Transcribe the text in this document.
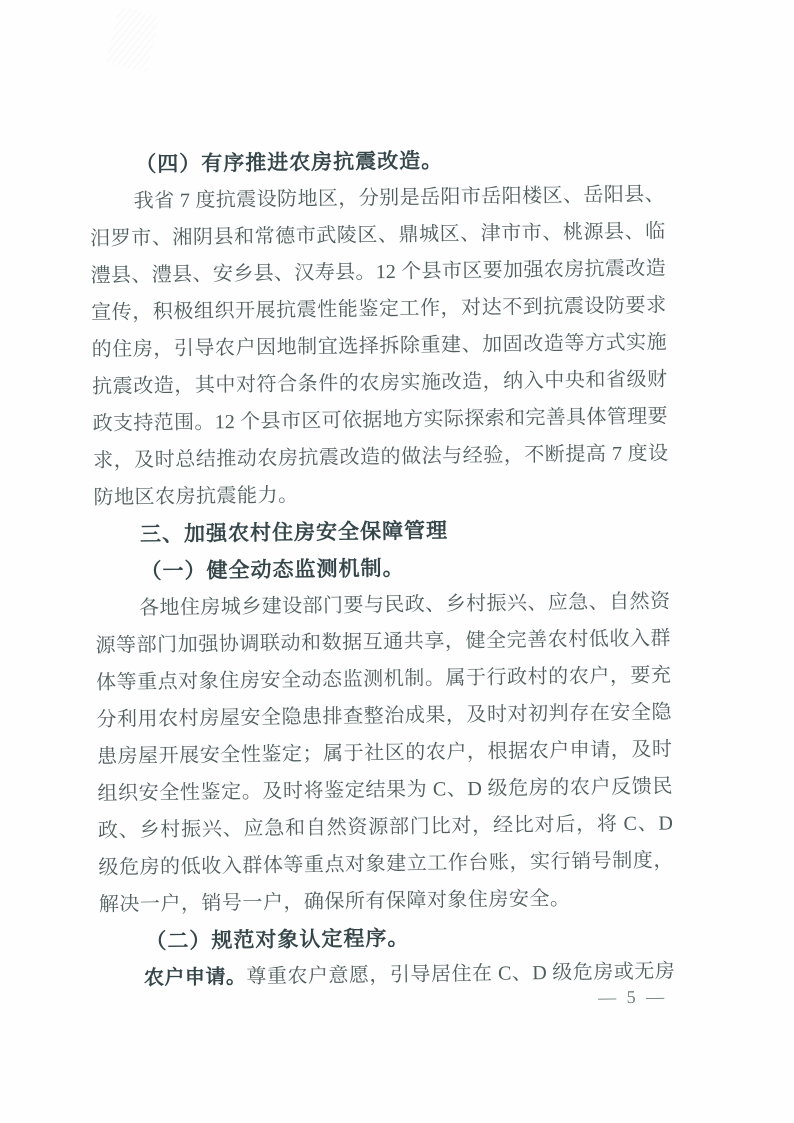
（四）有序推进农房抗震改造。
我省 7 度抗震设防地区，分别是岳阳市岳阳楼区、岳阳县、
汨罗市、湘阴县和常德市武陵区、鼎城区、津市市、桃源县、临
澧县、澧县、安乡县、汉寿县。12 个县市区要加强农房抗震改造
宣传，积极组织开展抗震性能鉴定工作，对达不到抗震设防要求
的住房，引导农户因地制宜选择拆除重建、加固改造等方式实施
抗震改造，其中对符合条件的农房实施改造，纳入中央和省级财
政支持范围。12 个县市区可依据地方实际探索和完善具体管理要
求，及时总结推动农房抗震改造的做法与经验，不断提高 7 度设
防地区农房抗震能力。
三、加强农村住房安全保障管理
（一）健全动态监测机制。
各地住房城乡建设部门要与民政、乡村振兴、应急、自然资
源等部门加强协调联动和数据互通共享，健全完善农村低收入群
体等重点对象住房安全动态监测机制。属于行政村的农户，要充
分利用农村房屋安全隐患排查整治成果，及时对初判存在安全隐
患房屋开展安全性鉴定；属于社区的农户，根据农户申请，及时
组织安全性鉴定。及时将鉴定结果为 C、D 级危房的农户反馈民
政、乡村振兴、应急和自然资源部门比对，经比对后，将 C、D
级危房的低收入群体等重点对象建立工作台账，实行销号制度，
解决一户，销号一户，确保所有保障对象住房安全。
（二）规范对象认定程序。
农户申请。尊重农户意愿，引导居住在 C、D 级危房或无房
— 5 —
